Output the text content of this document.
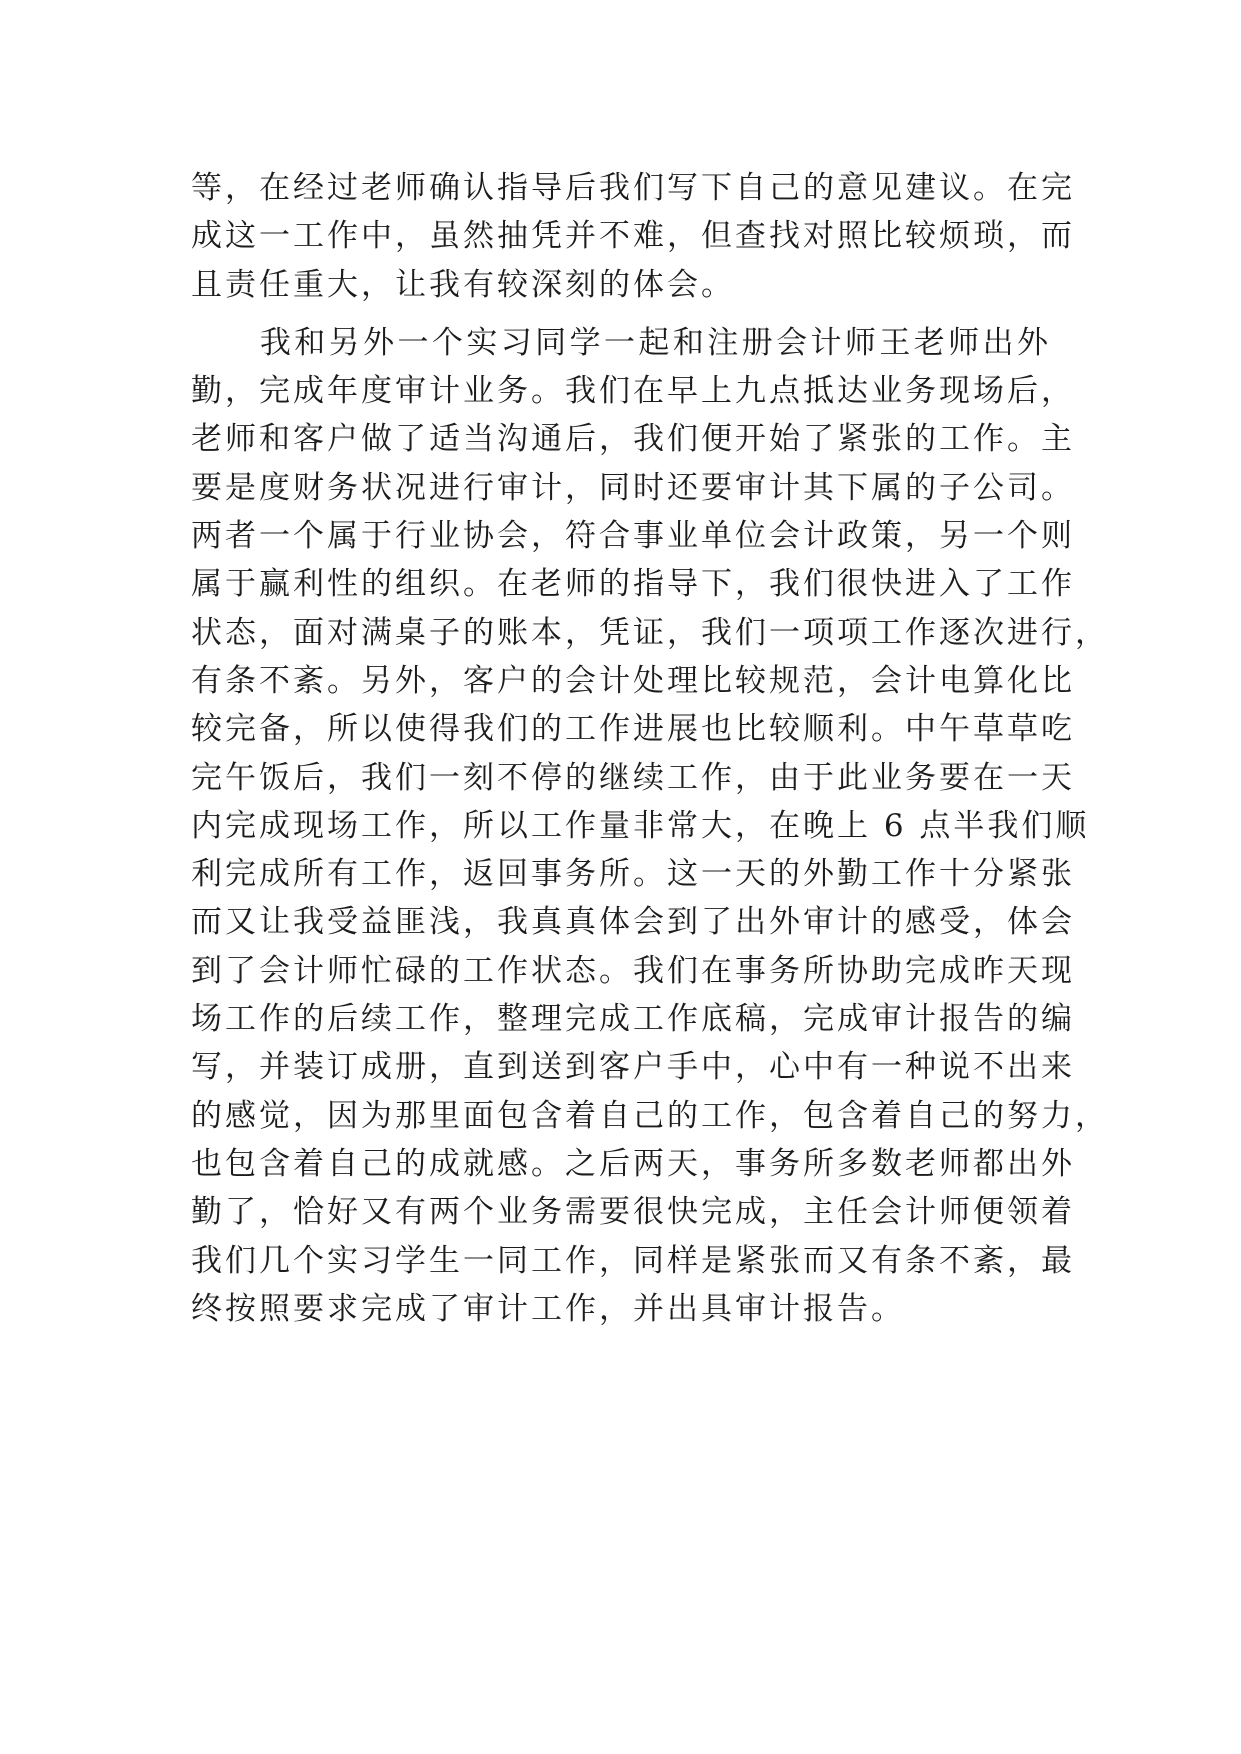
等，在经过老师确认指导后我们写下自己的意见建议。在完
成这一工作中，虽然抽凭并不难，但查找对照比较烦琐，而
且责任重大，让我有较深刻的体会。
　　我和另外一个实习同学一起和注册会计师王老师出外
勤，完成年度审计业务。我们在早上九点抵达业务现场后，
老师和客户做了适当沟通后，我们便开始了紧张的工作。主
要是度财务状况进行审计，同时还要审计其下属的子公司。
两者一个属于行业协会，符合事业单位会计政策，另一个则
属于赢利性的组织。在老师的指导下，我们很快进入了工作
状态，面对满桌子的账本，凭证，我们一项项工作逐次进行，
有条不紊。另外，客户的会计处理比较规范，会计电算化比
较完备，所以使得我们的工作进展也比较顺利。中午草草吃
完午饭后，我们一刻不停的继续工作，由于此业务要在一天
内完成现场工作，所以工作量非常大，在晚上 6 点半我们顺
利完成所有工作，返回事务所。这一天的外勤工作十分紧张
而又让我受益匪浅，我真真体会到了出外审计的感受，体会
到了会计师忙碌的工作状态。我们在事务所协助完成昨天现
场工作的后续工作，整理完成工作底稿，完成审计报告的编
写，并装订成册，直到送到客户手中，心中有一种说不出来
的感觉，因为那里面包含着自己的工作，包含着自己的努力，
也包含着自己的成就感。之后两天，事务所多数老师都出外
勤了，恰好又有两个业务需要很快完成，主任会计师便领着
我们几个实习学生一同工作，同样是紧张而又有条不紊，最
终按照要求完成了审计工作，并出具审计报告。
